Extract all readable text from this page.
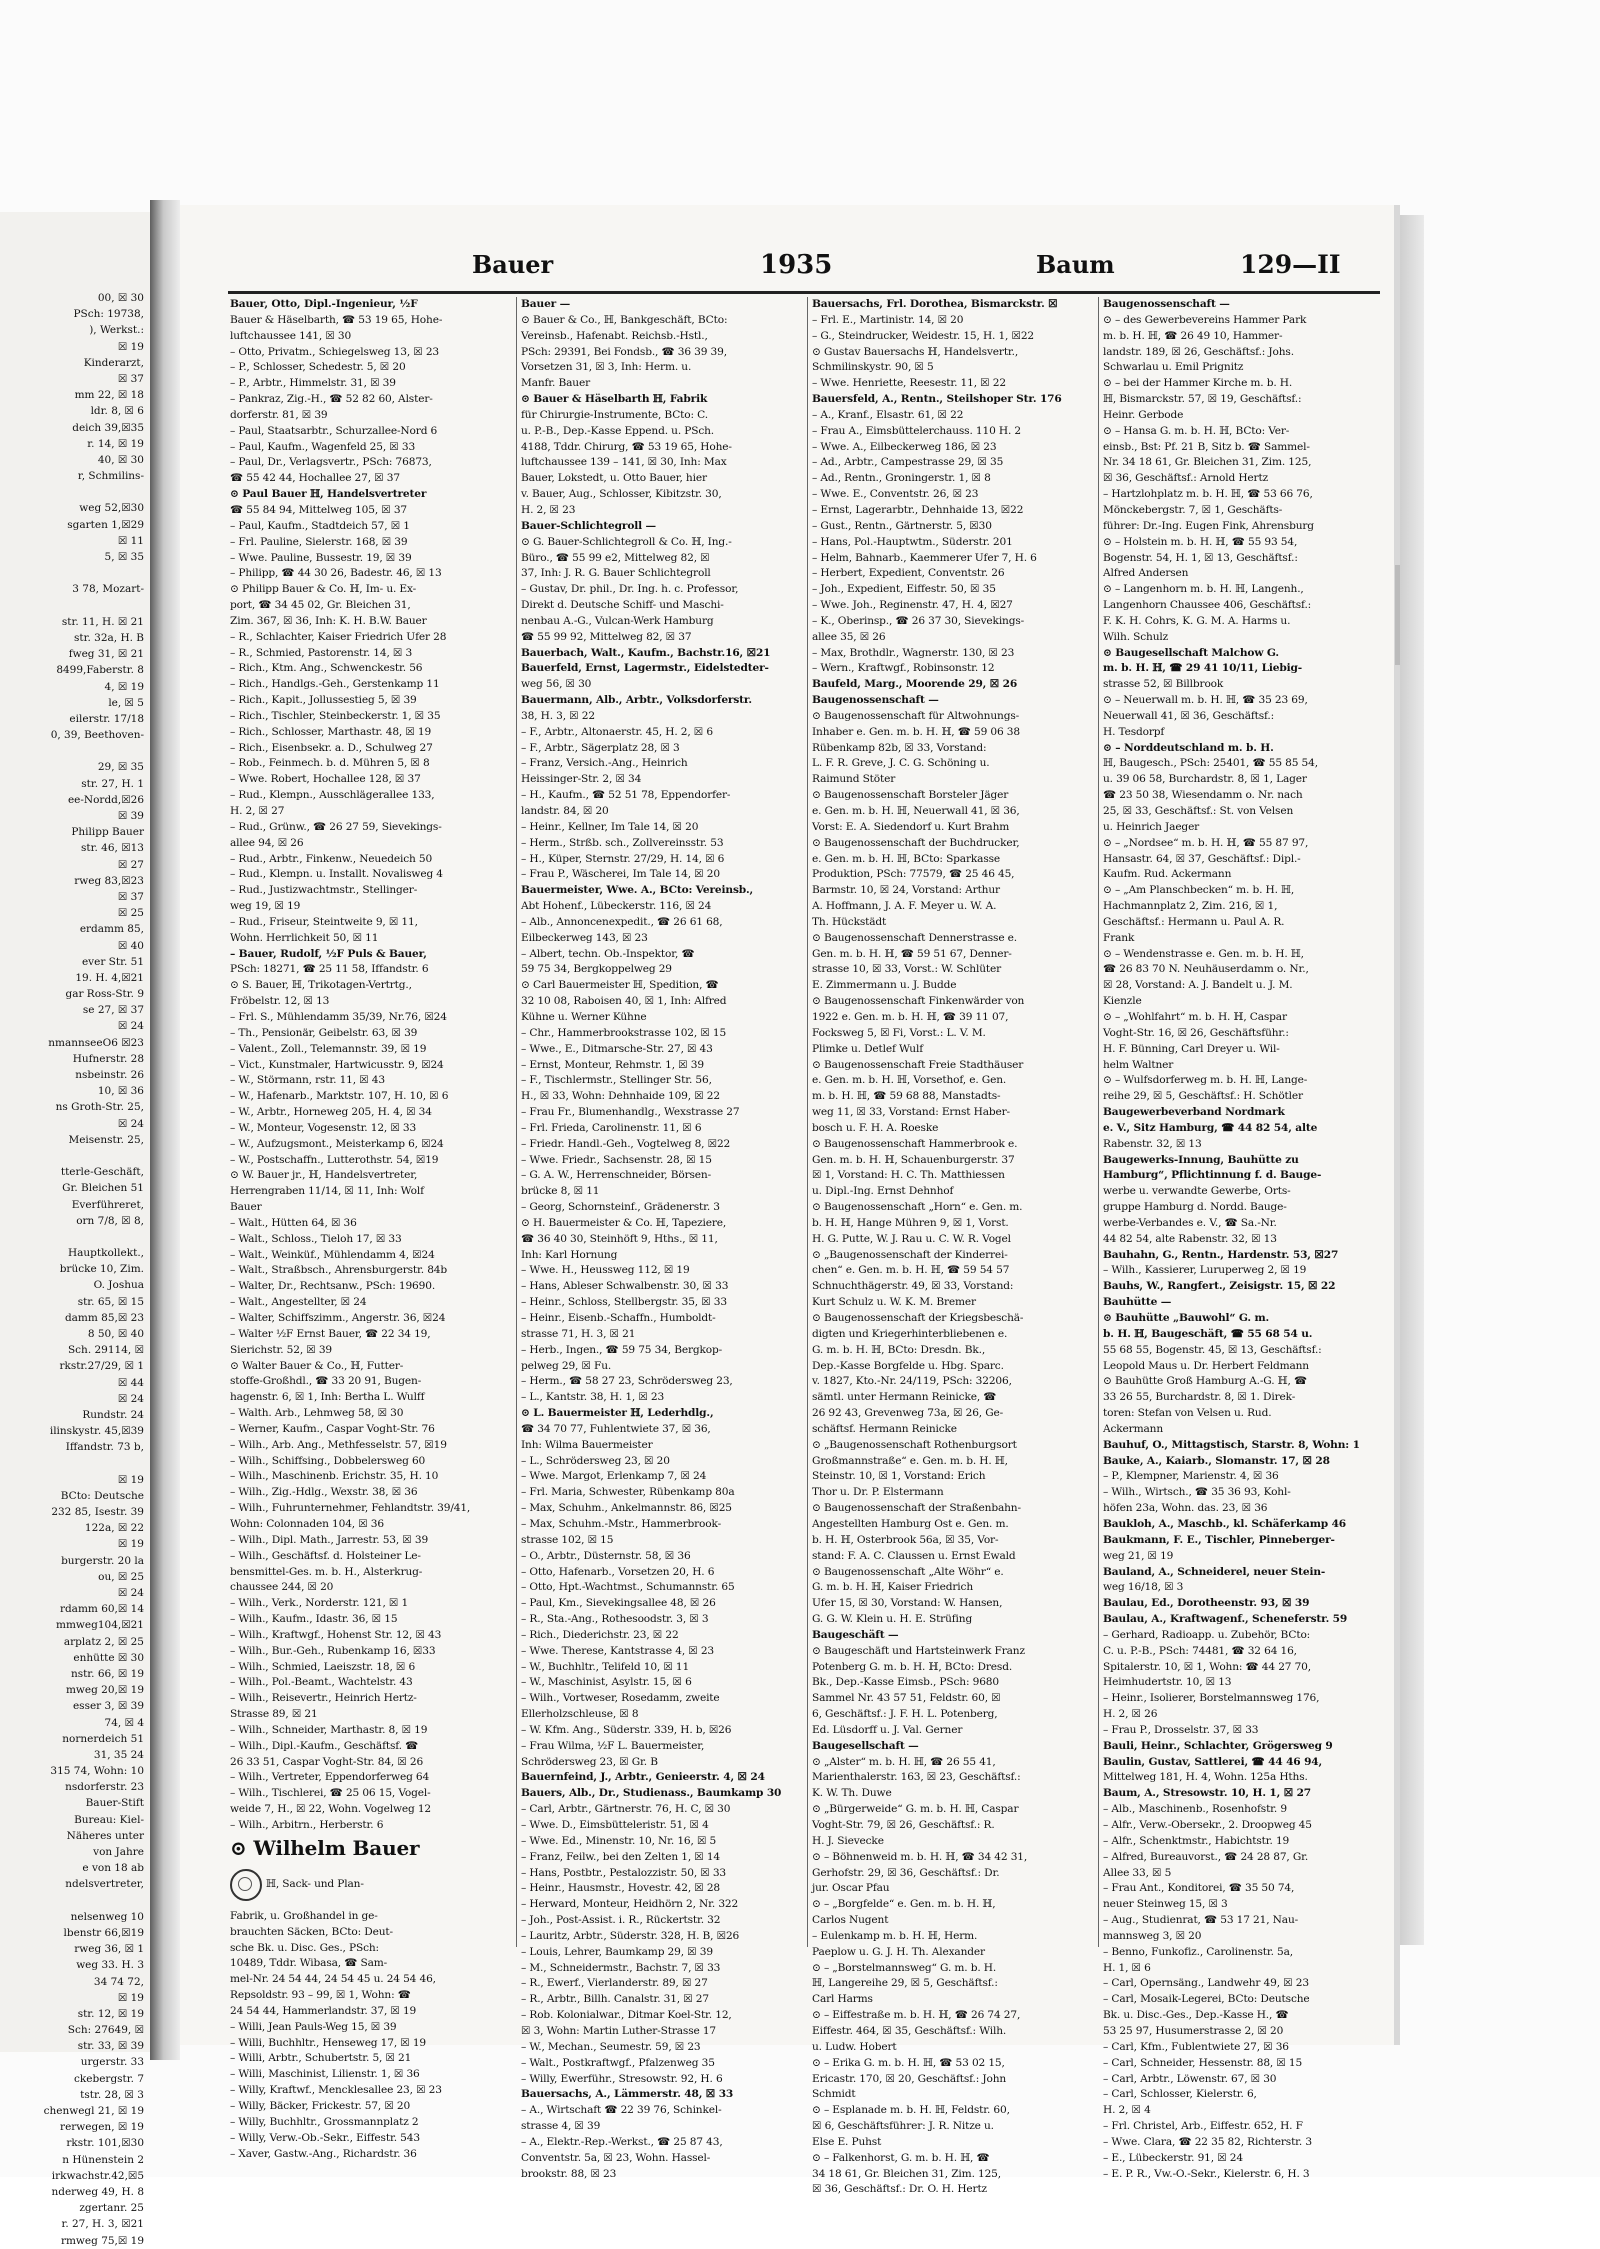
00, ☒ 30
PSch: 19738,
), Werkst.:
☒ 19
Kinderarzt,
☒ 37
mm 22, ☒ 18
ldr. 8, ☒ 6
deich 39,☒35
r. 14, ☒ 19
40, ☒ 30
r, Schmilins-
weg 52,☒30
sgarten 1,☒29
☒ 11
5, ☒ 35
3 78, Mozart-
str. 11, H. ☒ 21
str. 32a, H. B
fweg 31, ☒ 21
8499,Faberstr. 8
4, ☒ 19
le, ☒ 5
eilerstr. 17/18
0, 39, Beethoven-
29, ☒ 35
str. 27, H. 1
ee-Nordd,☒26
☒ 39
Philipp Bauer
str. 46, ☒13
☒ 27
rweg 83,☒23
☒ 37
☒ 25
erdamm 85,
☒ 40
ever Str. 51
19. H. 4,☒21
gar Ross-Str. 9
se 27, ☒ 37
☒ 24
nmannseeO6 ☒23
Hufnerstr. 28
nsbeinstr. 26
10, ☒ 36
ns Groth-Str. 25,
☒ 24
Meisenstr. 25,
tterle-Geschäft,
Gr. Bleichen 51
Everführeret,
orn 7/8, ☒ 8,
Hauptkollekt.,
brücke 10, Zim.
O. Joshua
str. 65, ☒ 15
damm 85,☒ 23
8 50, ☒ 40
Sch. 29114, ☒
rkstr.27/29, ☒ 1
☒ 44
☒ 24
Rundstr. 24
ilinskystr. 45,☒39
Iffandstr. 73 b,
☒ 19
BCto: Deutsche
232 85, Isestr. 39
122a, ☒ 22
☒ 19
burgerstr. 20 la
ou, ☒ 25
☒ 24
rdamm 60,☒ 14
mmweg104,☒21
arplatz 2, ☒ 25
enhütte ☒ 30
nstr. 66, ☒ 19
mweg 20,☒ 19
esser 3, ☒ 39
74, ☒ 4
nornerdeich 51
31, 35 24
315 74, Wohn: 10
nsdorferstr. 23
Bauer-Stift
Bureau: Kiel-
Näheres unter
von Jahre
e von 18 ab
ndelsvertreter,
nelsenweg 10
lbenstr 66,☒19
rweg 36, ☒ 1
weg 33. H. 3
34 74 72,
☒ 19
str. 12, ☒ 19
Sch: 27649, ☒
str. 33, ☒ 39
urgerstr. 33
ckebergstr. 7
tstr. 28, ☒ 3
chenwegl 21, ☒ 19
rerwegen, ☒ 19
rkstr. 101,☒30
n Hünenstein 2
irkwachstr.42,☒5
nderweg 49, H. 8
zgertanr. 25
r. 27, H. 3, ☒21
rmweg 75,☒ 19
Bauer	1935	Baum	129—II
Bauer, Otto, Dipl.-Ingenieur, ½F
Bauer & Häselbarth, ☎ 53 19 65, Hohe-
luftchaussee 141, ☒ 30
– Otto, Privatm., Schiegelsweg 13, ☒ 23
– P., Schlosser, Schedestr. 5, ☒ 20
– P., Arbtr., Himmelstr. 31, ☒ 39
– Pankraz, Zig.-H., ☎ 52 82 60, Alster-
dorferstr. 81, ☒ 39
– Paul, Staatsarbtr., Schurzallee-Nord 6
– Paul, Kaufm., Wagenfeld 25, ☒ 33
– Paul, Dr., Verlagsvertr., PSch: 76873,
☎ 55 42 44, Hochallee 27, ☒ 37
⊙ Paul Bauer ℍ, Handelsvertreter
☎ 55 84 94, Mittelweg 105, ☒ 37
– Paul, Kaufm., Stadtdeich 57, ☒ 1
– Frl. Pauline, Sielerstr. 168, ☒ 39
– Wwe. Pauline, Bussestr. 19, ☒ 39
– Philipp, ☎ 44 30 26, Badestr. 46, ☒ 13
⊙ Philipp Bauer & Co. ℍ, Im- u. Ex-
port, ☎ 34 45 02, Gr. Bleichen 31,
Zim. 367, ☒ 36, Inh: K. H. B.W. Bauer
– R., Schlachter, Kaiser Friedrich Ufer 28
– R., Schmied, Pastorenstr. 14, ☒ 3
– Rich., Ktm. Ang., Schwenckestr. 56
– Rich., Handlgs.-Geh., Gerstenkamp 11
– Rich., Kapit., Jollussestieg 5, ☒ 39
– Rich., Tischler, Steinbeckerstr. 1, ☒ 35
– Rich., Schlosser, Marthastr. 48, ☒ 19
– Rich., Eisenbsekr. a. D., Schulweg 27
– Rob., Feinmech. b. d. Mühren 5, ☒ 8
– Wwe. Robert, Hochallee 128, ☒ 37
– Rud., Klempn., Ausschlägerallee 133,
H. 2, ☒ 27
– Rud., Grünw., ☎ 26 27 59, Sievekings-
allee 94, ☒ 26
– Rud., Arbtr., Finkenw., Neuedeich 50
– Rud., Klempn. u. Installt. Novalisweg 4
– Rud., Justizwachtmstr., Stellinger-
weg 19, ☒ 19
– Rud., Friseur, Steintweite 9, ☒ 11,
Wohn. Herrlichkeit 50, ☒ 11
– Bauer, Rudolf, ½F Puls & Bauer,
PSch: 18271, ☎ 25 11 58, Iffandstr. 6
⊙ S. Bauer, ℍ, Trikotagen-Vertrtg.,
Fröbelstr. 12, ☒ 13
– Frl. S., Mühlendamm 35/39, Nr.76, ☒24
– Th., Pensionär, Geibelstr. 63, ☒ 39
– Valent., Zoll., Telemannstr. 39, ☒ 19
– Vict., Kunstmaler, Hartwicusstr. 9, ☒24
– W., Störmann, rstr. 11, ☒ 43
– W., Hafenarb., Marktstr. 107, H. 10, ☒ 6
– W., Arbtr., Horneweg 205, H. 4, ☒ 34
– W., Monteur, Vogesenstr. 12, ☒ 33
– W., Aufzugsmont., Meisterkamp 6, ☒24
– W., Postschaffn., Lutterothstr. 54, ☒19
⊙ W. Bauer jr., ℍ, Handelsvertreter,
Herrengraben 11/14, ☒ 11, Inh: Wolf
Bauer
– Walt., Hütten 64, ☒ 36
– Walt., Schloss., Tieloh 17, ☒ 33
– Walt., Weinküf., Mühlendamm 4, ☒24
– Walt., Straßbsch., Ahrensburgerstr. 84b
– Walter, Dr., Rechtsanw., PSch: 19690.
– Walt., Angestellter, ☒ 24
– Walter, Schiffszimm., Angerstr. 36, ☒24
– Walter ½F Ernst Bauer, ☎ 22 34 19,
Sierichstr. 52, ☒ 39
⊙ Walter Bauer & Co., ℍ, Futter-
stoffe-Großhdl., ☎ 33 20 91, Bugen-
hagenstr. 6, ☒ 1, Inh: Bertha L. Wulff
– Walth. Arb., Lehmweg 58, ☒ 30
– Werner, Kaufm., Caspar Voght-Str. 76
– Wilh., Arb. Ang., Methfesselstr. 57, ☒19
– Wilh., Schiffsing., Dobbelersweg 60
– Wilh., Maschinenb. Erichstr. 35, H. 10
– Wilh., Zig.-Hdlg., Wexstr. 38, ☒ 36
– Wilh., Fuhrunternehmer, Fehlandtstr. 39/41,
Wohn: Colonnaden 104, ☒ 36
– Wilh., Dipl. Math., Jarrestr. 53, ☒ 39
– Wilh., Geschäftsf. d. Holsteiner Le-
bensmittel-Ges. m. b. H., Alsterkrug-
chaussee 244, ☒ 20
– Wilh., Verk., Norderstr. 121, ☒ 1
– Wilh., Kaufm., Idastr. 36, ☒ 15
– Wilh., Kraftwgf., Hohenst Str. 12, ☒ 43
– Wilh., Bur.-Geh., Rubenkamp 16, ☒33
– Wilh., Schmied, Laeiszstr. 18, ☒ 6
– Wilh., Pol.-Beamt., Wachtelstr. 43
– Wilh., Reisevertr., Heinrich Hertz-
Strasse 89, ☒ 21
– Wilh., Schneider, Marthastr. 8, ☒ 19
– Wilh., Dipl.-Kaufm., Geschäftsf. ☎
26 33 51, Caspar Voght-Str. 84, ☒ 26
– Wilh., Vertreter, Eppendorferweg 64
– Wilh., Tischlerei, ☎ 25 06 15, Vogel-
weide 7, H., ☒ 22, Wohn. Vogelweg 12
– Wilh., Arbitrn., Herberstr. 6
⊙ Wilhelm Bauer
ℍ, Sack- und Plan-
Fabrik, u. Großhandel in ge-
brauchten Säcken, BCto: Deut-
sche Bk. u. Disc. Ges., PSch:
10489, Tddr. Wibasa, ☎ Sam-
mel-Nr. 24 54 44, 24 54 45 u. 24 54 46,
Repsoldstr. 93 – 99, ☒ 1, Wohn: ☎
24 54 44, Hammerlandstr. 37, ☒ 19
– Willi, Jean Pauls-Weg 15, ☒ 39
– Willi, Buchhltr., Henseweg 17, ☒ 19
– Willi, Arbtr., Schubertstr. 5, ☒ 21
– Willi, Maschinist, Lilienstr. 1, ☒ 36
– Willy, Kraftwf., Mencklesallee 23, ☒ 23
– Willy, Bäcker, Frickestr. 57, ☒ 20
– Willy, Buchhltr., Grossmannplatz 2
– Willy, Verw.-Ob.-Sekr., Eiffestr. 543
– Xaver, Gastw.-Ang., Richardstr. 36
Bauer —
⊙ Bauer & Co., ℍ, Bankgeschäft, BCto:
Vereinsb., Hafenabt. Reichsb.-Hstl.,
PSch: 29391, Bei Fondsb., ☎ 36 39 39,
Vorsetzen 31, ☒ 3, Inh: Herm. u.
Manfr. Bauer
⊙ Bauer & Häselbarth ℍ, Fabrik
für Chirurgie-Instrumente, BCto: C.
u. P.-B., Dep.-Kasse Eppend. u. PSch.
4188, Tddr. Chirurg, ☎ 53 19 65, Hohe-
luftchaussee 139 – 141, ☒ 30, Inh: Max
Bauer, Lokstedt, u. Otto Bauer, hier
v. Bauer, Aug., Schlosser, Kibitzstr. 30,
H. 2, ☒ 23
Bauer-Schlichtegroll —
⊙ G. Bauer-Schlichtegroll & Co. ℍ, Ing.-
Büro., ☎ 55 99 e2, Mittelweg 82, ☒
37, Inh: J. R. G. Bauer Schlichtegroll
– Gustav, Dr. phil., Dr. Ing. h. c. Professor,
Direkt d. Deutsche Schiff- und Maschi-
nenbau A.-G., Vulcan-Werk Hamburg
☎ 55 99 92, Mittelweg 82, ☒ 37
Bauerbach, Walt., Kaufm., Bachstr.16, ☒21
Bauerfeld, Ernst, Lagermstr., Eidelstedter-
weg 56, ☒ 30
Bauermann, Alb., Arbtr., Volksdorferstr.
38, H. 3, ☒ 22
– F., Arbtr., Altonaerstr. 45, H. 2, ☒ 6
– F., Arbtr., Sägerplatz 28, ☒ 3
– Franz, Versich.-Ang., Heinrich
Heissinger-Str. 2, ☒ 34
– H., Kaufm., ☎ 52 51 78, Eppendorfer-
landstr. 84, ☒ 20
– Heinr., Kellner, Im Tale 14, ☒ 20
– Herm., Strßb. sch., Zollvereinsstr. 53
– H., Küper, Sternstr. 27/29, H. 14, ☒ 6
– Frau P., Wäscherei, Im Tale 14, ☒ 20
Bauermeister, Wwe. A., BCto: Vereinsb.,
Abt Hohenf., Lübeckerstr. 116, ☒ 24
– Alb., Annoncenexpedit., ☎ 26 61 68,
Eilbeckerweg 143, ☒ 23
– Albert, techn. Ob.-Inspektor, ☎
59 75 34, Bergkoppelweg 29
⊙ Carl Bauermeister ℍ, Spedition, ☎
32 10 08, Raboisen 40, ☒ 1, Inh: Alfred
Kühne u. Werner Kühne
– Chr., Hammerbrookstrasse 102, ☒ 15
– Wwe., E., Ditmarsche-Str. 27, ☒ 43
– Ernst, Monteur, Rehmstr. 1, ☒ 39
– F., Tischlermstr., Stellinger Str. 56,
H., ☒ 33, Wohn: Dehnhaide 109, ☒ 22
– Frau Fr., Blumenhandlg., Wexstrasse 27
– Frl. Frieda, Carolinenstr. 11, ☒ 6
– Friedr. Handl.-Geh., Vogtelweg 8, ☒22
– Wwe. Friedr., Sachsenstr. 28, ☒ 15
– G. A. W., Herrenschneider, Börsen-
brücke 8, ☒ 11
– Georg, Schornsteinf., Grädenerstr. 3
⊙ H. Bauermeister & Co. ℍ, Tapeziere,
☎ 36 40 30, Steinhöft 9, Hths., ☒ 11,
Inh: Karl Hornung
– Wwe. H., Heussweg 112, ☒ 19
– Hans, Ableser Schwalbenstr. 30, ☒ 33
– Heinr., Schloss, Stellbergstr. 35, ☒ 33
– Heinr., Eisenb.-Schaffn., Humboldt-
strasse 71, H. 3, ☒ 21
– Herb., Ingen., ☎ 59 75 34, Bergkop-
pelweg 29, ☒ Fu.
– Herm., ☎ 58 27 23, Schrödersweg 23,
– L., Kantstr. 38, H. 1, ☒ 23
⊙ L. Bauermeister ℍ, Lederhdlg.,
☎ 34 70 77, Fuhlentwiete 37, ☒ 36,
Inh: Wilma Bauermeister
– L., Schrödersweg 23, ☒ 20
– Wwe. Margot, Erlenkamp 7, ☒ 24
– Frl. Maria, Schwester, Rübenkamp 80a
– Max, Schuhm., Ankelmannstr. 86, ☒25
– Max, Schuhm.-Mstr., Hammerbrook-
strasse 102, ☒ 15
– O., Arbtr., Düsternstr. 58, ☒ 36
– Otto, Hafenarb., Vorsetzen 20, H. 6
– Otto, Hpt.-Wachtmst., Schumannstr. 65
– Paul, Km., Sievekingsallee 48, ☒ 26
– R., Sta.-Ang., Rothesoodstr. 3, ☒ 3
– Rich., Diederichstr. 23, ☒ 22
– Wwe. Therese, Kantstrasse 4, ☒ 23
– W., Buchhltr., Telifeld 10, ☒ 11
– W., Maschinist, Asylstr. 15, ☒ 6
– Wilh., Vortweser, Rosedamm, zweite
Ellerholzschleuse, ☒ 8
– W. Kfm. Ang., Süderstr. 339, H. b, ☒26
– Frau Wilma, ½F L. Bauermeister,
Schrödersweg 23, ☒ Gr. B
Bauernfeind, J., Arbtr., Genieerstr. 4, ☒ 24
Bauers, Alb., Dr., Studienass., Baumkamp 30
– Carl, Arbtr., Gärtnerstr. 76, H. C, ☒ 30
– Wwe. D., Eimsbütteleristr. 51, ☒ 4
– Wwe. Ed., Minenstr. 10, Nr. 16, ☒ 5
– Franz, Feilw., bei den Zelten 1, ☒ 14
– Hans, Postbtr., Pestalozzistr. 50, ☒ 33
– Heinr., Hausmstr., Hovestr. 42, ☒ 28
– Herward, Monteur, Heidhörn 2, Nr. 322
– Joh., Post-Assist. i. R., Rückertstr. 32
– Lauritz, Arbtr., Süderstr. 328, H. B, ☒26
– Louis, Lehrer, Baumkamp 29, ☒ 39
– M., Schneidermstr., Bachstr. 7, ☒ 33
– R., Ewerf., Vierlanderstr. 89, ☒ 27
– R., Arbtr., Billh. Canalstr. 31, ☒ 27
– Rob. Kolonialwar., Ditmar Koel-Str. 12,
☒ 3, Wohn: Martin Luther-Strasse 17
– W., Mechan., Seumestr. 59, ☒ 23
– Walt., Postkraftwgf., Pfalzenweg 35
– Willy, Ewerführ., Stresowstr. 92, H. 6
Bauersachs, A., Lämmerstr. 48, ☒ 33
– A., Wirtschaft ☎ 22 39 76, Schinkel-
strasse 4, ☒ 39
– A., Elektr.-Rep.-Werkst., ☎ 25 87 43,
Conventstr. 5a, ☒ 23, Wohn. Hassel-
brookstr. 88, ☒ 23
Bauersachs, Frl. Dorothea, Bismarckstr. ☒
– Frl. E., Martinistr. 14, ☒ 20
– G., Steindrucker, Weidestr. 15, H. 1, ☒22
⊙ Gustav Bauersachs ℍ, Handelsvertr.,
Schmilinskystr. 90, ☒ 5
– Wwe. Henriette, Reesestr. 11, ☒ 22
Bauersfeld, A., Rentn., Steilshoper Str. 176
– A., Kranf., Elsastr. 61, ☒ 22
– Frau A., Eimsbüttelerchauss. 110 H. 2
– Wwe. A., Eilbeckerweg 186, ☒ 23
– Ad., Arbtr., Campestrasse 29, ☒ 35
– Ad., Rentn., Groningerstr. 1, ☒ 8
– Wwe. E., Conventstr. 26, ☒ 23
– Ernst, Lagerarbtr., Dehnhaide 13, ☒22
– Gust., Rentn., Gärtnerstr. 5, ☒30
– Hans, Pol.-Hauptwtm., Süderstr. 201
– Helm, Bahnarb., Kaemmerer Ufer 7, H. 6
– Herbert, Expedient, Conventstr. 26
– Joh., Expedient, Eiffestr. 50, ☒ 35
– Wwe. Joh., Reginenstr. 47, H. 4, ☒27
– K., Oberinsp., ☎ 26 37 30, Sievekings-
allee 35, ☒ 26
– Max, Brothdlr., Wagnerstr. 130, ☒ 23
– Wern., Kraftwgf., Robinsonstr. 12
Baufeld, Marg., Moorende 29, ☒ 26
Baugenossenschaft —
⊙ Baugenossenschaft für Altwohnungs-
Inhaber e. Gen. m. b. H. ℍ, ☎ 59 06 38
Rübenkamp 82b, ☒ 33, Vorstand:
L. F. R. Greve, J. C. G. Schöning u.
Raimund Stöter
⊙ Baugenossenschaft Borsteler Jäger
e. Gen. m. b. H. ℍ, Neuerwall 41, ☒ 36,
Vorst: E. A. Siedendorf u. Kurt Brahm
⊙ Baugenossenschaft der Buchdrucker,
e. Gen. m. b. H. ℍ, BCto: Sparkasse
Produktion, PSch: 77579, ☎ 25 46 45,
Barmstr. 10, ☒ 24, Vorstand: Arthur
A. Hoffmann, J. A. F. Meyer u. W. A.
Th. Hückstädt
⊙ Baugenossenschaft Dennerstrasse e.
Gen. m. b. H. ℍ, ☎ 59 51 67, Denner-
strasse 10, ☒ 33, Vorst.: W. Schlüter
E. Zimmermann u. J. Budde
⊙ Baugenossenschaft Finkenwärder von
1922 e. Gen. m. b. H. ℍ, ☎ 39 11 07,
Focksweg 5, ☒ Fi, Vorst.: L. V. M.
Plimke u. Detlef Wulf
⊙ Baugenossenschaft Freie Stadthäuser
e. Gen. m. b. H. ℍ, Vorsethof, e. Gen.
m. b. H. ℍ, ☎ 59 68 88, Manstadts-
weg 11, ☒ 33, Vorstand: Ernst Haber-
bosch u. F. H. A. Roeske
⊙ Baugenossenschaft Hammerbrook e.
Gen. m. b. H. ℍ, Schauenburgerstr. 37
☒ 1, Vorstand: H. C. Th. Matthiessen
u. Dipl.-Ing. Ernst Dehnhof
⊙ Baugenossenschaft „Horn“ e. Gen. m.
b. H. ℍ, Hange Mühren 9, ☒ 1, Vorst.
H. G. Putte, W. J. Rau u. C. W. R. Vogel
⊙ „Baugenossenschaft der Kinderrei-
chen“ e. Gen. m. b. H. ℍ, ☎ 59 54 57
Schnuchthägerstr. 49, ☒ 33, Vorstand:
Kurt Schulz u. W. K. M. Bremer
⊙ Baugenossenschaft der Kriegsbeschä-
digten und Kriegerhinterbliebenen e.
G. m. b. H. ℍ, BCto: Dresdn. Bk.,
Dep.-Kasse Borgfelde u. Hbg. Sparc.
v. 1827, Kto.-Nr. 24/119, PSch: 32206,
sämtl. unter Hermann Reinicke, ☎
26 92 43, Grevenweg 73a, ☒ 26, Ge-
schäftsf. Hermann Reinicke
⊙ „Baugenossenschaft Rothenburgsort
Großmannstraße“ e. Gen. m. b. H. ℍ,
Steinstr. 10, ☒ 1, Vorstand: Erich
Thor u. Dr. P. Elstermann
⊙ Baugenossenschaft der Straßenbahn-
Angestellten Hamburg Ost e. Gen. m.
b. H. ℍ, Osterbrook 56a, ☒ 35, Vor-
stand: F. A. C. Claussen u. Ernst Ewald
⊙ Baugenossenschaft „Alte Wöhr“ e.
G. m. b. H. ℍ, Kaiser Friedrich
Ufer 15, ☒ 30, Vorstand: W. Hansen,
G. G. W. Klein u. H. E. Strüfing
Baugeschäft —
⊙ Baugeschäft und Hartsteinwerk Franz
Potenberg G. m. b. H. ℍ, BCto: Dresd.
Bk., Dep.-Kasse Eimsb., PSch: 9680
Sammel Nr. 43 57 51, Feldstr. 60, ☒
6, Geschäftsf.: J. F. H. L. Potenberg,
Ed. Lüsdorff u. J. Val. Gerner
Baugesellschaft —
⊙ „Alster“ m. b. H. ℍ, ☎ 26 55 41,
Marienthalerstr. 163, ☒ 23, Geschäftsf.:
K. W. Th. Duwe
⊙ „Bürgerweide“ G. m. b. H. ℍ, Caspar
Voght-Str. 79, ☒ 26, Geschäftsf.: R.
H. J. Sievecke
⊙ – Böhnenweid m. b. H. ℍ, ☎ 34 42 31,
Gerhofstr. 29, ☒ 36, Geschäftsf.: Dr.
jur. Oscar Pfau
⊙ – „Borgfelde“ e. Gen. m. b. H. ℍ,
Carlos Nugent
– Eulenkamp m. b. H. ℍ, Herm.
Paeplow u. G. J. H. Th. Alexander
⊙ – „Borstelmannsweg“ G. m. b. H.
ℍ, Langereihe 29, ☒ 5, Geschäftsf.:
Carl Harms
⊙ – Eiffestraße m. b. H. ℍ, ☎ 26 74 27,
Eiffestr. 464, ☒ 35, Geschäftsf.: Wilh.
u. Ludw. Hobert
⊙ – Erika G. m. b. H. ℍ, ☎ 53 02 15,
Ericastr. 170, ☒ 20, Geschäftsf.: John
Schmidt
⊙ – Esplanade m. b. H. ℍ, Feldstr. 60,
☒ 6, Geschäftsführer: J. R. Nitze u.
Else E. Puhst
⊙ – Falkenhorst, G. m. b. H. ℍ, ☎
34 18 61, Gr. Bleichen 31, Zim. 125,
☒ 36, Geschäftsf.: Dr. O. H. Hertz
Baugenossenschaft —
⊙ – des Gewerbevereins Hammer Park
m. b. H. ℍ, ☎ 26 49 10, Hammer-
landstr. 189, ☒ 26, Geschäftsf.: Johs.
Schwarlau u. Emil Prignitz
⊙ – bei der Hammer Kirche m. b. H.
ℍ, Bismarckstr. 57, ☒ 19, Geschäftsf.:
Heinr. Gerbode
⊙ – Hansa G. m. b. H. ℍ, BCto: Ver-
einsb., Bst: Pf. 21 B, Sitz b. ☎ Sammel-
Nr. 34 18 61, Gr. Bleichen 31, Zim. 125,
☒ 36, Geschäftsf.: Arnold Hertz
– Hartzlohplatz m. b. H. ℍ, ☎ 53 66 76,
Mönckebergstr. 7, ☒ 1, Geschäfts-
führer: Dr.-Ing. Eugen Fink, Ahrensburg
⊙ – Holstein m. b. H. ℍ, ☎ 55 93 54,
Bogenstr. 54, H. 1, ☒ 13, Geschäftsf.:
Alfred Andersen
⊙ – Langenhorn m. b. H. ℍ, Langenh.,
Langenhorn Chaussee 406, Geschäftsf.:
F. K. H. Cohrs, K. G. M. A. Harms u.
Wilh. Schulz
⊙ Baugesellschaft Malchow G.
m. b. H. ℍ, ☎ 29 41 10/11, Liebig-
strasse 52, ☒ Billbrook
⊙ – Neuerwall m. b. H. ℍ, ☎ 35 23 69,
Neuerwall 41, ☒ 36, Geschäftsf.:
H. Tesdorpf
⊙ – Norddeutschland m. b. H.
ℍ, Baugesch., PSch: 25401, ☎ 55 85 54,
u. 39 06 58, Burchardstr. 8, ☒ 1, Lager
☎ 23 50 38, Wiesendamm o. Nr. nach
25, ☒ 33, Geschäftsf.: St. von Velsen
u. Heinrich Jaeger
⊙ – „Nordsee“ m. b. H. ℍ, ☎ 55 87 97,
Hansastr. 64, ☒ 37, Geschäftsf.: Dipl.-
Kaufm. Rud. Ackermann
⊙ – „Am Planschbecken“ m. b. H. ℍ,
Hachmannplatz 2, Zim. 216, ☒ 1,
Geschäftsf.: Hermann u. Paul A. R.
Frank
⊙ – Wendenstrasse e. Gen. m. b. H. ℍ,
☎ 26 83 70 N. Neuhäuserdamm o. Nr.,
☒ 28, Vorstand: A. J. Bandelt u. J. M.
Kienzle
⊙ – „Wohlfahrt“ m. b. H. ℍ, Caspar
Voght-Str. 16, ☒ 26, Geschäftsführ.:
H. F. Bünning, Carl Dreyer u. Wil-
helm Waltner
⊙ – Wulfsdorferweg m. b. H. ℍ, Lange-
reihe 29, ☒ 5, Geschäftsf.: H. Schötler
Baugewerbeverband Nordmark
e. V., Sitz Hamburg, ☎ 44 82 54, alte
Rabenstr. 32, ☒ 13
Baugewerks-Innung, Bauhütte zu
Hamburg“, Pflichtinnung f. d. Bauge-
werbe u. verwandte Gewerbe, Orts-
gruppe Hamburg d. Nordd. Bauge-
werbe-Verbandes e. V., ☎ Sa.-Nr.
44 82 54, alte Rabenstr. 32, ☒ 13
Bauhahn, G., Rentn., Hardenstr. 53, ☒27
– Wilh., Kassierer, Luruperweg 2, ☒ 19
Bauhs, W., Rangfert., Zeisigstr. 15, ☒ 22
Bauhütte —
⊙ Bauhütte „Bauwohl“ G. m.
b. H. ℍ, Baugeschäft, ☎ 55 68 54 u.
55 68 55, Bogenstr. 45, ☒ 13, Geschäftsf.:
Leopold Maus u. Dr. Herbert Feldmann
⊙ Bauhütte Groß Hamburg A.-G. ℍ, ☎
33 26 55, Burchardstr. 8, ☒ 1. Direk-
toren: Stefan von Velsen u. Rud.
Ackermann
Bauhuf, O., Mittagstisch, Starstr. 8, Wohn: 1
Bauke, A., Kaiarb., Slomanstr. 17, ☒ 28
– P., Klempner, Marienstr. 4, ☒ 36
– Wilh., Wirtsch., ☎ 35 36 93, Kohl-
höfen 23a, Wohn. das. 23, ☒ 36
Baukloh, A., Maschb., kl. Schäferkamp 46
Baukmann, F. E., Tischler, Pinneberger-
weg 21, ☒ 19
Bauland, A., Schneiderel, neuer Stein-
weg 16/18, ☒ 3
Baulau, Ed., Dorotheenstr. 93, ☒ 39
Baulau, A., Kraftwagenf., Scheneferstr. 59
– Gerhard, Radioapp. u. Zubehör, BCto:
C. u. P.-B., PSch: 74481, ☎ 32 64 16,
Spitalerstr. 10, ☒ 1, Wohn: ☎ 44 27 70,
Heimhudertstr. 10, ☒ 13
– Heinr., Isolierer, Borstelmannsweg 176,
H. 2, ☒ 26
– Frau P., Drosselstr. 37, ☒ 33
Bauli, Heinr., Schlachter, Grögersweg 9
Baulin, Gustav, Sattlerei, ☎ 44 46 94,
Mittelweg 181, H. 4, Wohn. 125a Hths.
Baum, A., Stresowstr. 10, H. 1, ☒ 27
– Alb., Maschinenb., Rosenhofstr. 9
– Alfr., Verw.-Obersekr., 2. Droopweg 45
– Alfr., Schenktmstr., Habichtstr. 19
– Alfred, Bureauvorst., ☎ 24 28 87, Gr.
Allee 33, ☒ 5
– Frau Ant., Konditorei, ☎ 35 50 74,
neuer Steinweg 15, ☒ 3
– Aug., Studienrat, ☎ 53 17 21, Nau-
mannsweg 3, ☒ 20
– Benno, Funkofiz., Carolinenstr. 5a,
H. 1, ☒ 6
– Carl, Opernsäng., Landwehr 49, ☒ 23
– Carl, Mosaik-Legerei, BCto: Deutsche
Bk. u. Disc.-Ges., Dep.-Kasse H., ☎
53 25 97, Husumerstrasse 2, ☒ 20
– Carl, Kfm., Fublentwiete 27, ☒ 36
– Carl, Schneider, Hessenstr. 88, ☒ 15
– Carl, Arbtr., Löwenstr. 67, ☒ 30
– Carl, Schlosser, Kielerstr. 6,
H. 2, ☒ 4
– Frl. Christel, Arb., Eiffestr. 652, H. F
– Wwe. Clara, ☎ 22 35 82, Richterstr. 3
– E., Lübeckerstr. 91, ☒ 24
– E. P. R., Vw.-O.-Sekr., Kielerstr. 6, H. 3
